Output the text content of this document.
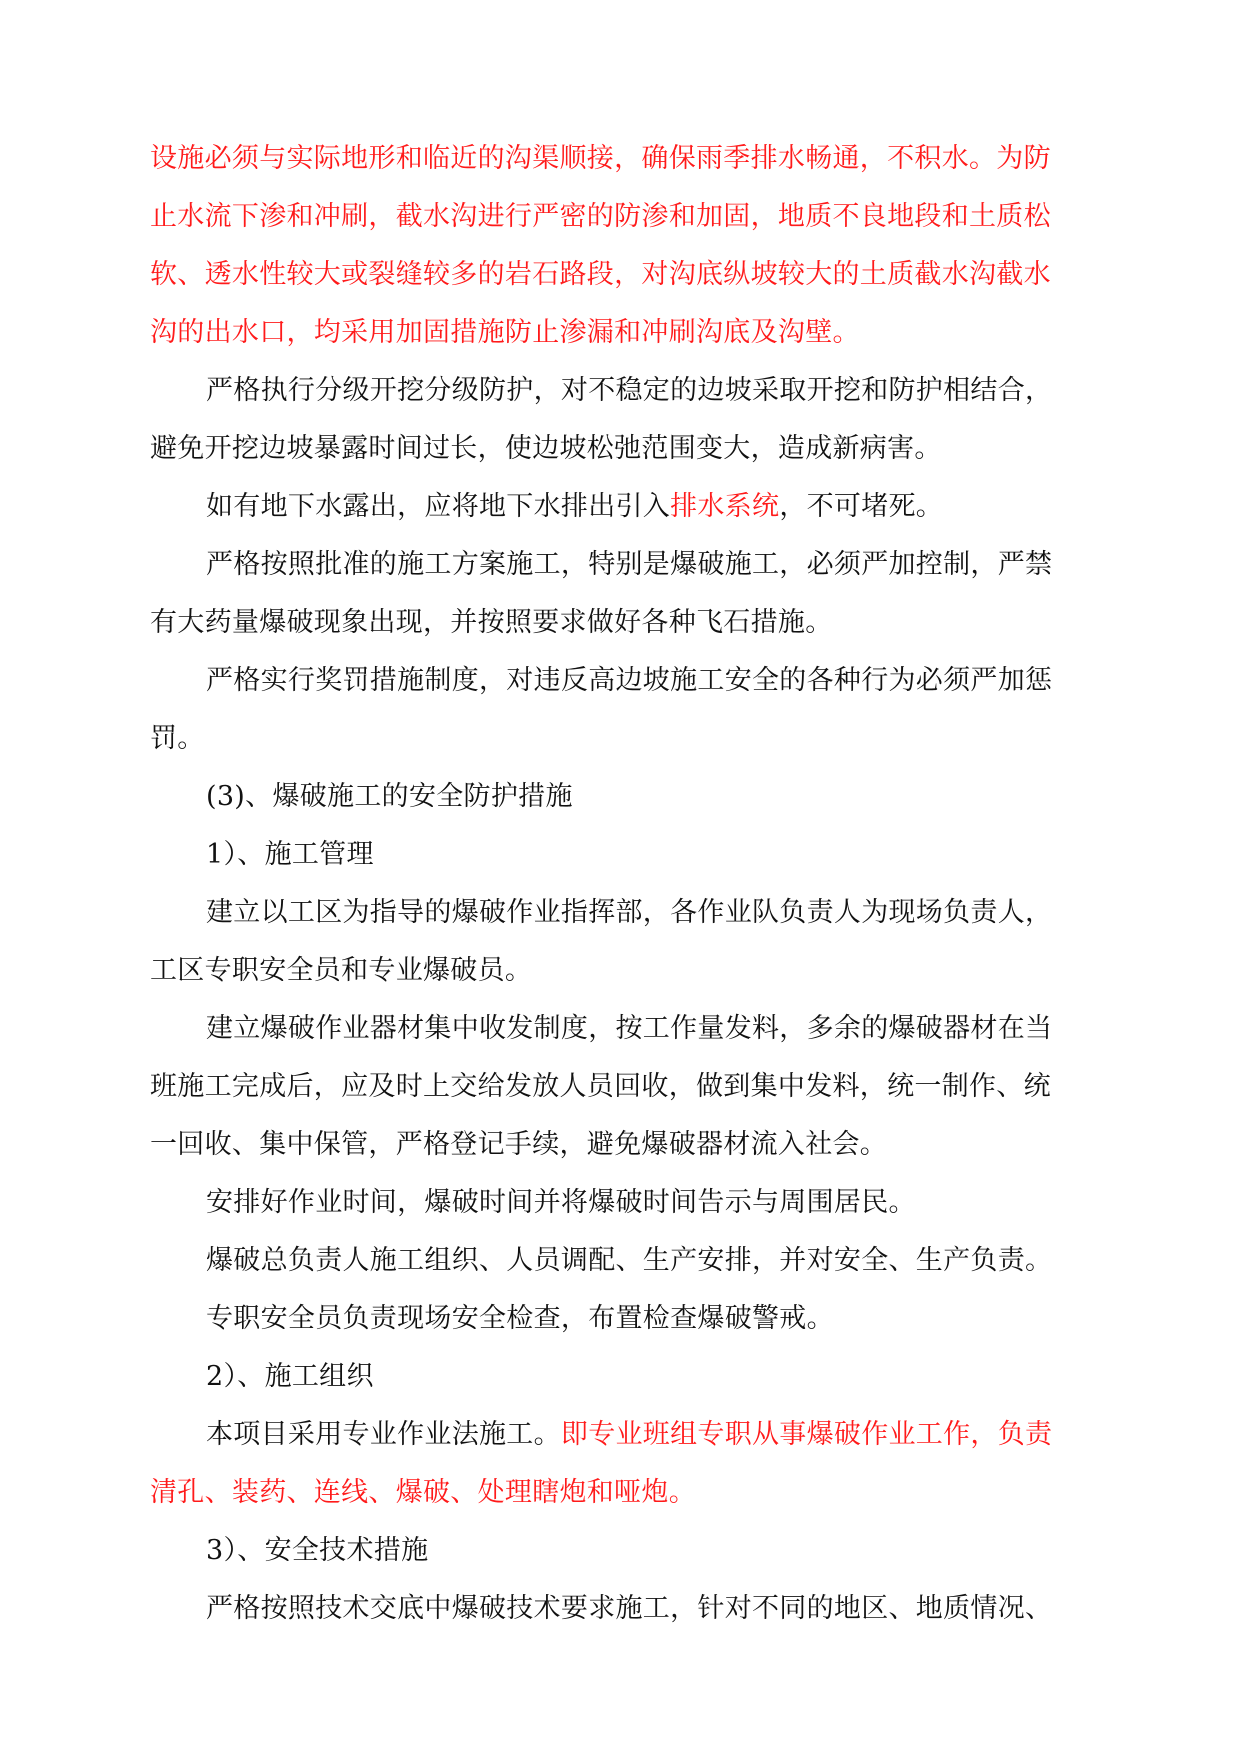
设施必须与实际地形和临近的沟渠顺接，确保雨季排水畅通，不积水。为防
止水流下渗和冲刷，截水沟进行严密的防渗和加固，地质不良地段和土质松
软、透水性较大或裂缝较多的岩石路段，对沟底纵坡较大的土质截水沟截水
沟的出水口，均采用加固措施防止渗漏和冲刷沟底及沟壁。
严格执行分级开挖分级防护，对不稳定的边坡采取开挖和防护相结合，
避免开挖边坡暴露时间过长，使边坡松弛范围变大，造成新病害。
如有地下水露出，应将地下水排出引入排水系统，不可堵死。
严格按照批准的施工方案施工，特别是爆破施工，必须严加控制，严禁
有大药量爆破现象出现，并按照要求做好各种飞石措施。
严格实行奖罚措施制度，对违反高边坡施工安全的各种行为必须严加惩
罚。
(3)、爆破施工的安全防护措施
1）、施工管理
建立以工区为指导的爆破作业指挥部，各作业队负责人为现场负责人，
工区专职安全员和专业爆破员。
建立爆破作业器材集中收发制度，按工作量发料，多余的爆破器材在当
班施工完成后，应及时上交给发放人员回收，做到集中发料，统一制作、统
一回收、集中保管，严格登记手续，避免爆破器材流入社会。
安排好作业时间，爆破时间并将爆破时间告示与周围居民。
爆破总负责人施工组织、人员调配、生产安排，并对安全、生产负责。
专职安全员负责现场安全检查，布置检查爆破警戒。
2）、施工组织
本项目采用专业作业法施工。即专业班组专职从事爆破作业工作，负责
清孔、装药、连线、爆破、处理瞎炮和哑炮。
3）、安全技术措施
严格按照技术交底中爆破技术要求施工，针对不同的地区、地质情况、
